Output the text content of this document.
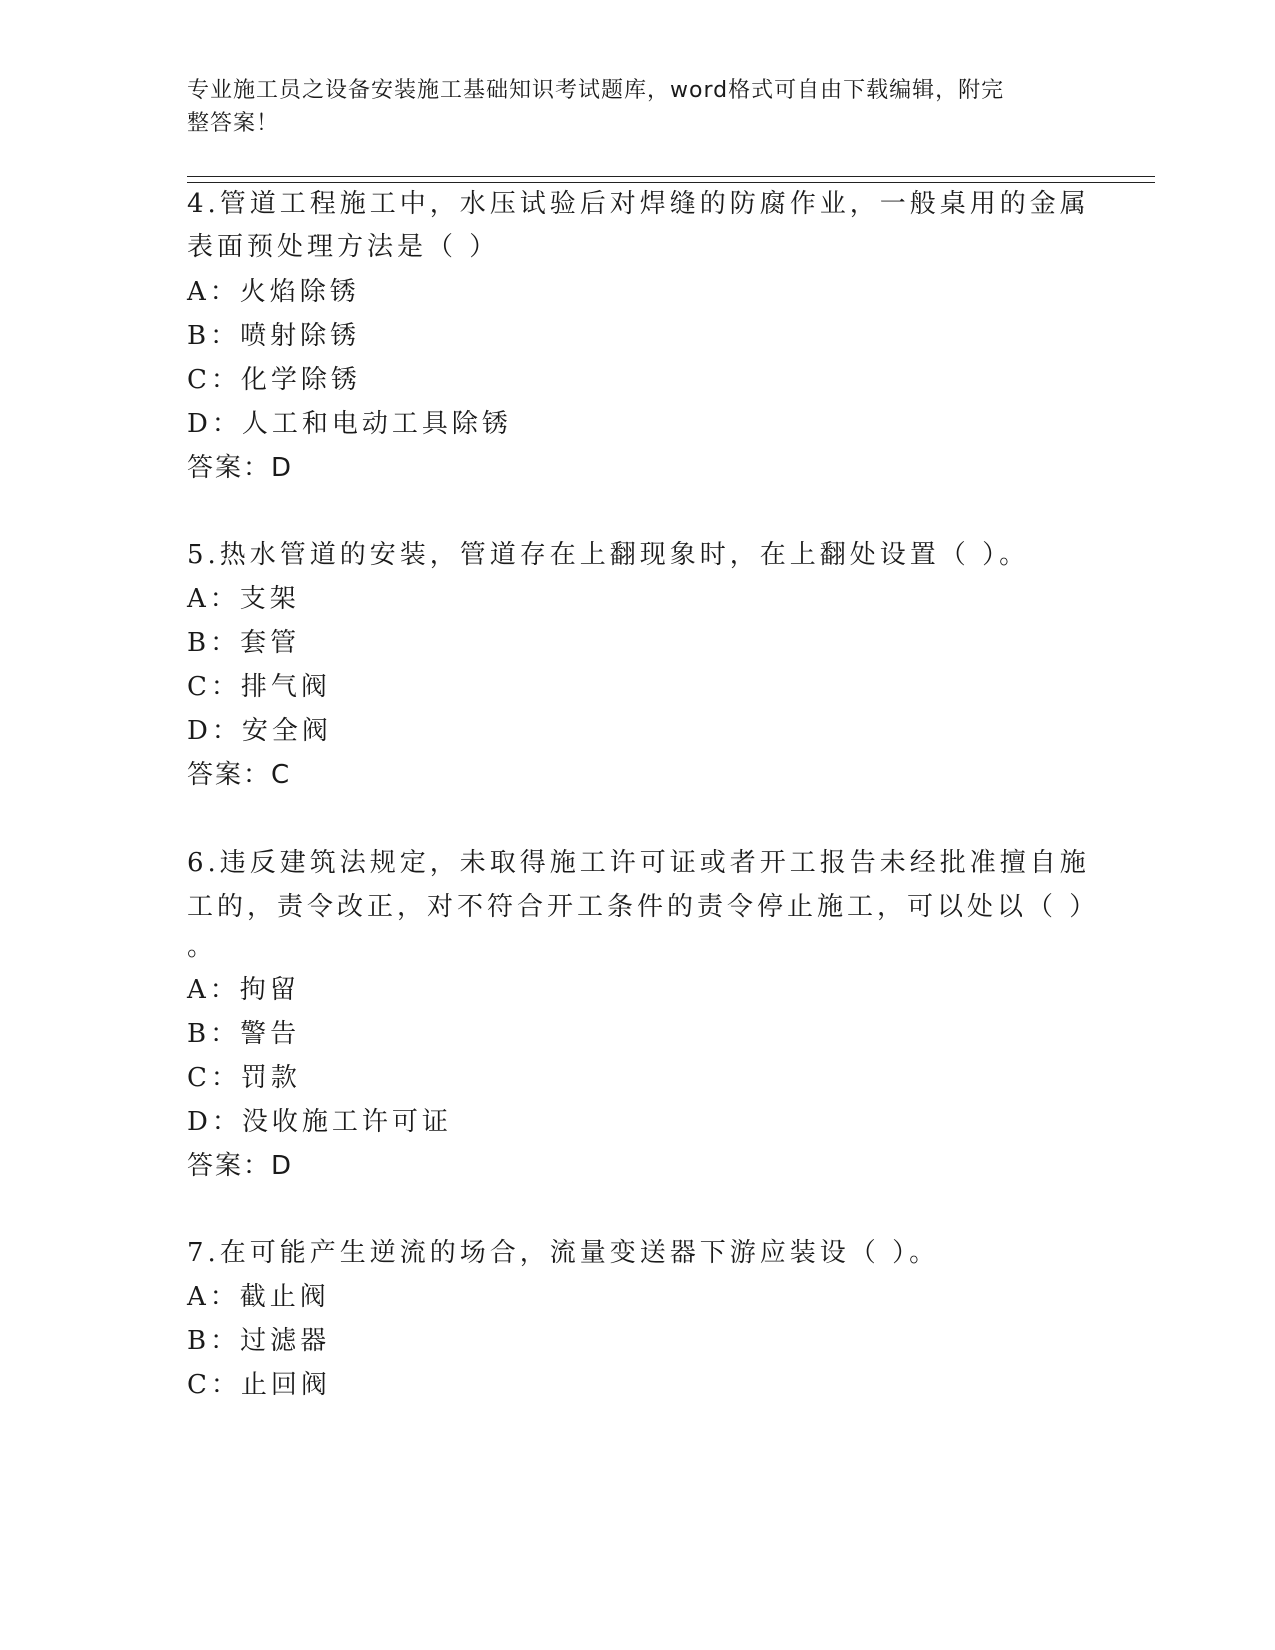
专业施工员之设备安装施工基础知识考试题库，word格式可自由下载编辑，附完
整答案！

4.管道工程施工中，水压试验后对焊缝的防腐作业，一般桌用的金属

表面预处理方法是（ ）

A：火焰除锈

B：喷射除锈

C：化学除锈

D：人工和电动工具除锈

答案：D

5.热水管道的安装，管道存在上翻现象时，在上翻处设置（ ）。

A：支架

B：套管

C：排气阀

D：安全阀

答案：C

6.违反建筑法规定，未取得施工许可证或者开工报告未经批准擅自施

工的，责令改正，对不符合开工条件的责令停止施工，可以处以（ ）

。

A：拘留

B：警告

C：罚款

D：没收施工许可证

答案：D

7.在可能产生逆流的场合，流量变送器下游应装设（ ）。

A：截止阀

B：过滤器

C：止回阀
